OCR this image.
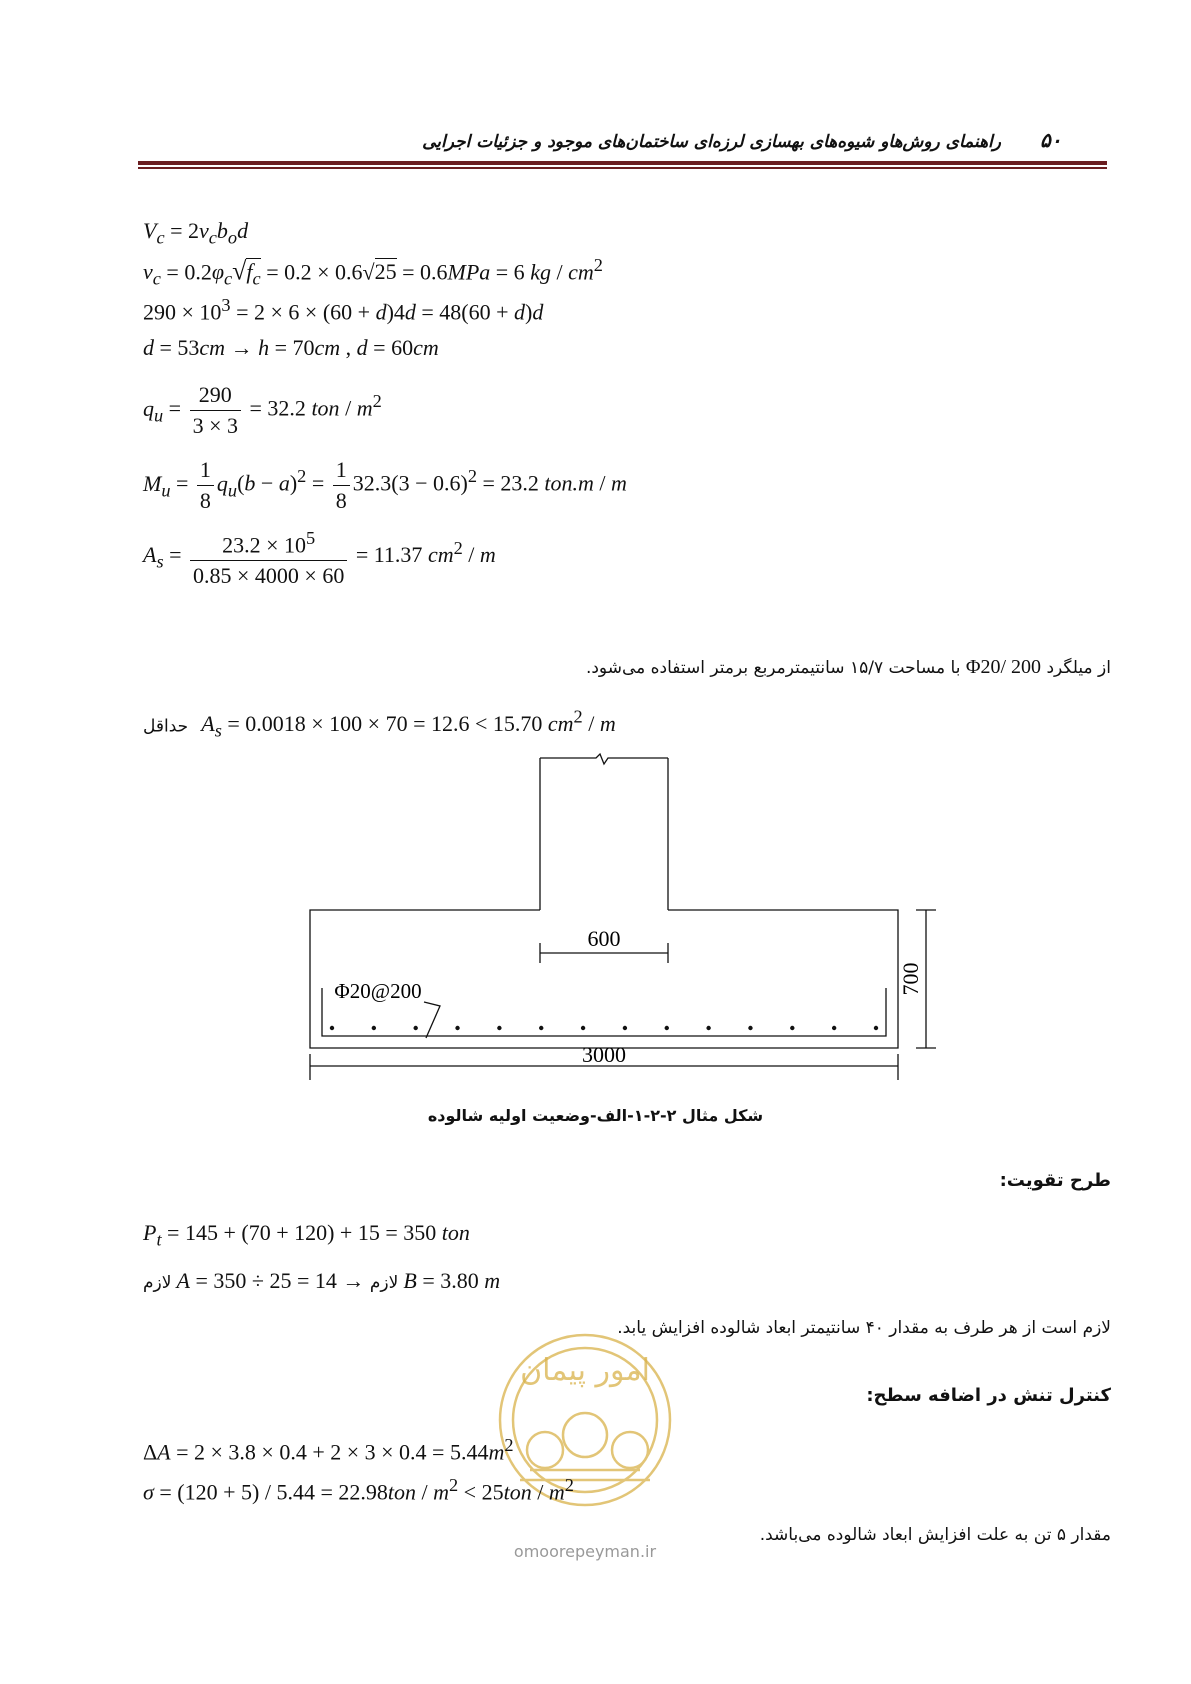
راهنمای روش‌هاو شیوه‌های بهسازی لرزه‌ای ساختمان‌های موجود و جزئیات اجرایی ۵۰
$V_c = 2v_cb_od$
$v_c = 0.2\varphi_c√f_c = 0.2 \times 0.6√25 = 0.6MPa = 6$ kg / $cm^2$
$290 \times 10^3 = 2 \times 6 \times (60 + d)4d = 48(60 + d)d$
d = 53cm → h = 70cm , d = 60cm
$q_u = \frac{290}{3 \times 3} = 32.2$ ton / $m^2$
$M_u = \frac{1}{8} q_u(b - a)^2 = \frac{1}{8} 32.3(3 - 0.6)^2 = 23.2$ ton.m / m
$A_s = \frac{23.2 \times 10^5}{0.85 \times 4000 \times 60} = 11.37$ $cm^2$ / m
از میلگرد Φ20/ 200 با مساحت ۱۵/۷ سانتیمترمربع برمتر استفاده می‌شود.
حداقل $A_s = 0.0018 \times 100 \times 70 = 12.6 < 15.70$ $cm^2$ / m
600
3000
700
Φ20@200
شکل مثال ۲-۲-۱-الف-وضعیت اولیه شالوده
طرح تقویت:
$P_t = 145 + (70 + 120) + 15 = 350$ ton
لازم A = 350 ÷ 25 = 14 → لازم B = 3.80 m
لازم است از هر طرف به مقدار ۴۰ سانتیمتر ابعاد شالوده افزایش یابد.
امور پیمان
omoorepeyman.ir
کنترل تنش در اضافه سطح:
$\Delta A = 2 \times 3.8 \times 0.4 + 2 \times 3 \times 0.4 = 5.44m^2$
$\sigma = (120 + 5) / 5.44 = 22.98ton / m^2 < 25ton / m^2$
مقدار ۵ تن به علت افزایش ابعاد شالوده می‌باشد.
